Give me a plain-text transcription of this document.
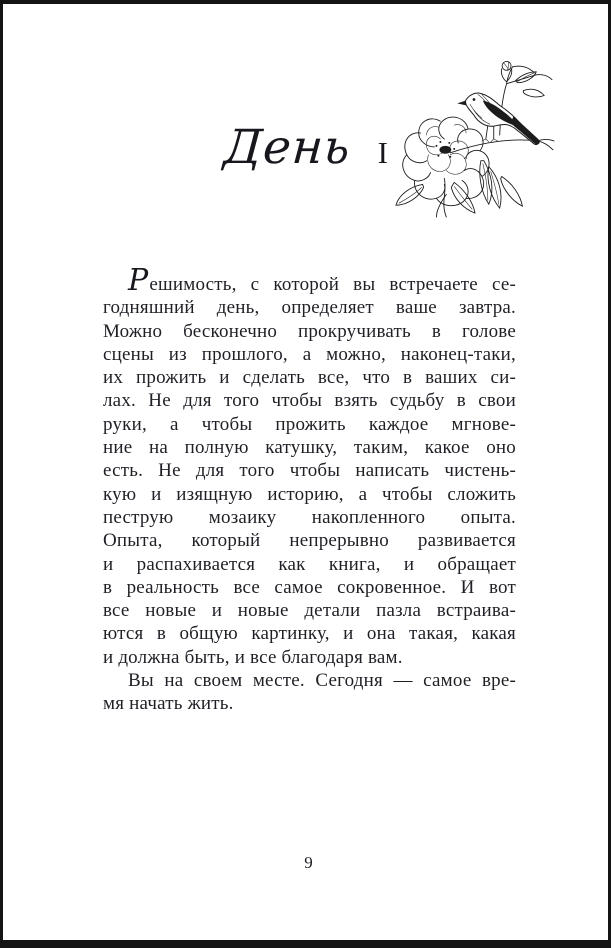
День I
Решимость, с которой вы встречаете се-
годняшний день, определяет ваше завтра.
Можно бесконечно прокручивать в голове
сцены из прошлого, а можно, наконец-таки,
их прожить и сделать все, что в ваших си-
лах. Не для того чтобы взять судьбу в свои
руки, а чтобы прожить каждое мгнове-
ние на полную катушку, таким, какое оно
есть. Не для того чтобы написать чистень-
кую и изящную историю, а чтобы сложить
пеструю мозаику накопленного опыта.
Опыта, который непрерывно развивается
и распахивается как книга, и обращает
в реальность все самое сокровенное. И вот
все новые и новые детали пазла встраива-
ются в общую картинку, и она такая, какая
и должна быть, и все благодаря вам.
Вы на своем месте. Сегодня — самое вре-
мя начать жить.
9
